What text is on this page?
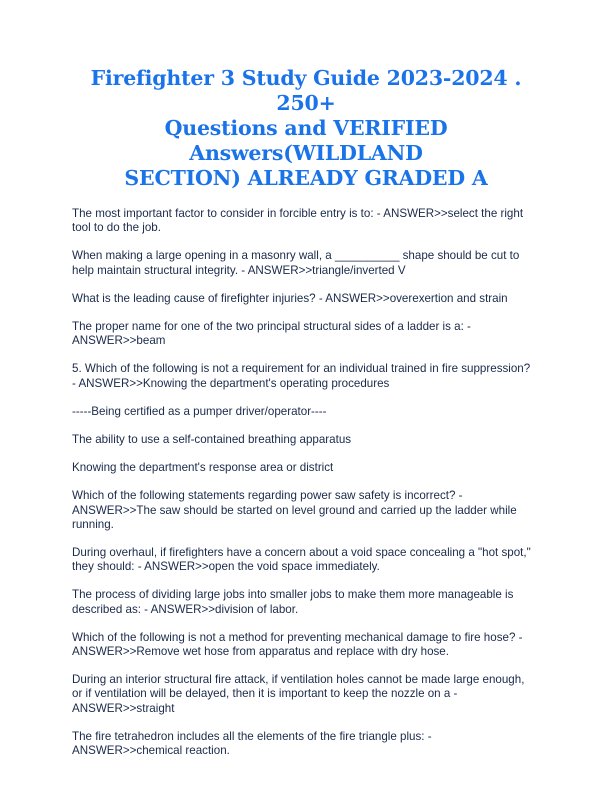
Firefighter 3 Study Guide 2023-2024 . 250+
Questions and VERIFIED Answers(WILDLAND
SECTION) ALREADY GRADED A

The most important factor to consider in forcible entry is to: - ANSWER>>select the right tool to do the job.

When making a large opening in a masonry wall, a __________ shape should be cut to help maintain structural integrity. - ANSWER>>triangle/inverted V

What is the leading cause of firefighter injuries? - ANSWER>>overexertion and strain

The proper name for one of the two principal structural sides of a ladder is a: - ANSWER>>beam

5. Which of the following is not a requirement for an individual trained in fire suppression? - ANSWER>>Knowing the department's operating procedures

-----Being certified as a pumper driver/operator----

The ability to use a self-contained breathing apparatus

Knowing the department's response area or district

Which of the following statements regarding power saw safety is incorrect? - ANSWER>>The saw should be started on level ground and carried up the ladder while running.

During overhaul, if firefighters have a concern about a void space concealing a "hot spot," they should: - ANSWER>>open the void space immediately.

The process of dividing large jobs into smaller jobs to make them more manageable is described as: - ANSWER>>division of labor.

Which of the following is not a method for preventing mechanical damage to fire hose? - ANSWER>>Remove wet hose from apparatus and replace with dry hose.

During an interior structural fire attack, if ventilation holes cannot be made large enough, or if ventilation will be delayed, then it is important to keep the nozzle on a - ANSWER>>straight

The fire tetrahedron includes all the elements of the fire triangle plus: - ANSWER>>chemical reaction.
